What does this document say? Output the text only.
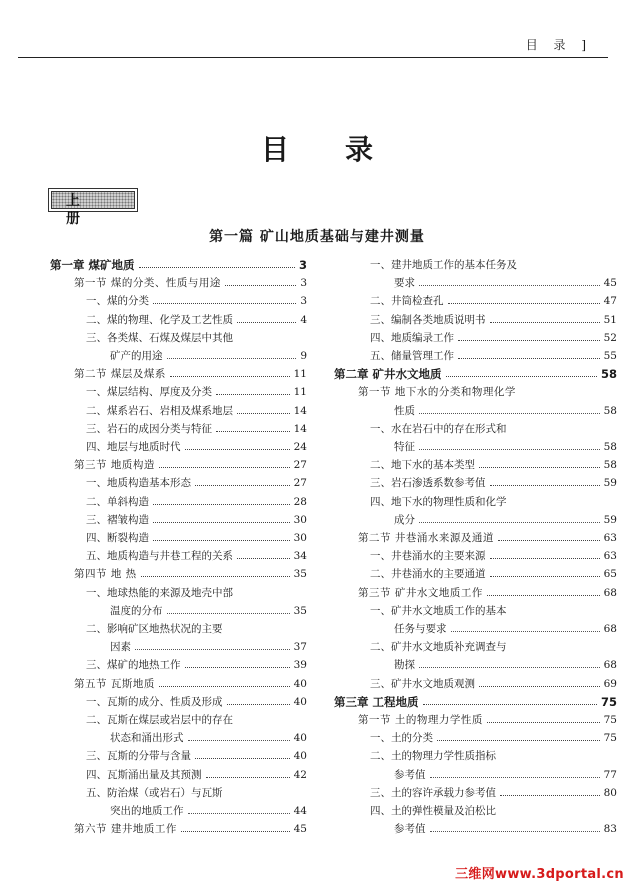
目 录 ]
目录
上册
第一篇 矿山地质基础与建井测量
第一章 煤矿地质	3
第一节 煤的分类、性质与用途	3
一、煤的分类	3
二、煤的物理、化学及工艺性质	4
三、各类煤、石煤及煤层中其他
矿产的用途	9
第二节 煤层及煤系	11
一、煤层结构、厚度及分类	11
二、煤系岩石、岩相及煤系地层	14
三、岩石的成因分类与特征	14
四、地层与地质时代	24
第三节 地质构造	27
一、地质构造基本形态	27
二、单斜构造	28
三、褶皱构造	30
四、断裂构造	30
五、地质构造与井巷工程的关系	34
第四节 地 热	35
一、地球热能的来源及地壳中部
温度的分布	35
二、影响矿区地热状况的主要
因素	37
三、煤矿的地热工作	39
第五节 瓦斯地质	40
一、瓦斯的成分、性质及形成	40
二、瓦斯在煤层或岩层中的存在
状态和涌出形式	40
三、瓦斯的分带与含量	40
四、瓦斯涌出量及其预测	42
五、防治煤（或岩石）与瓦斯
突出的地质工作	44
第六节 建井地质工作	45
一、建井地质工作的基本任务及
要求	45
二、井筒检查孔	47
三、编制各类地质说明书	51
四、地质编录工作	52
五、储量管理工作	55
第二章 矿井水文地质	58
第一节 地下水的分类和物理化学
性质	58
一、水在岩石中的存在形式和
特征	58
二、地下水的基本类型	58
三、岩石渗透系数参考值	59
四、地下水的物理性质和化学
成分	59
第二节 井巷涌水来源及通道	63
一、井巷涌水的主要来源	63
二、井巷涌水的主要通道	65
第三节 矿井水文地质工作	68
一、矿井水文地质工作的基本
任务与要求	68
二、矿井水文地质补充调查与
勘探	68
三、矿井水文地质观测	69
第三章 工程地质	75
第一节 土的物理力学性质	75
一、土的分类	75
二、土的物理力学性质指标
参考值	77
三、土的容许承载力参考值	80
四、土的弹性模量及泊松比
参考值	83
三维网www.3dportal.cn
